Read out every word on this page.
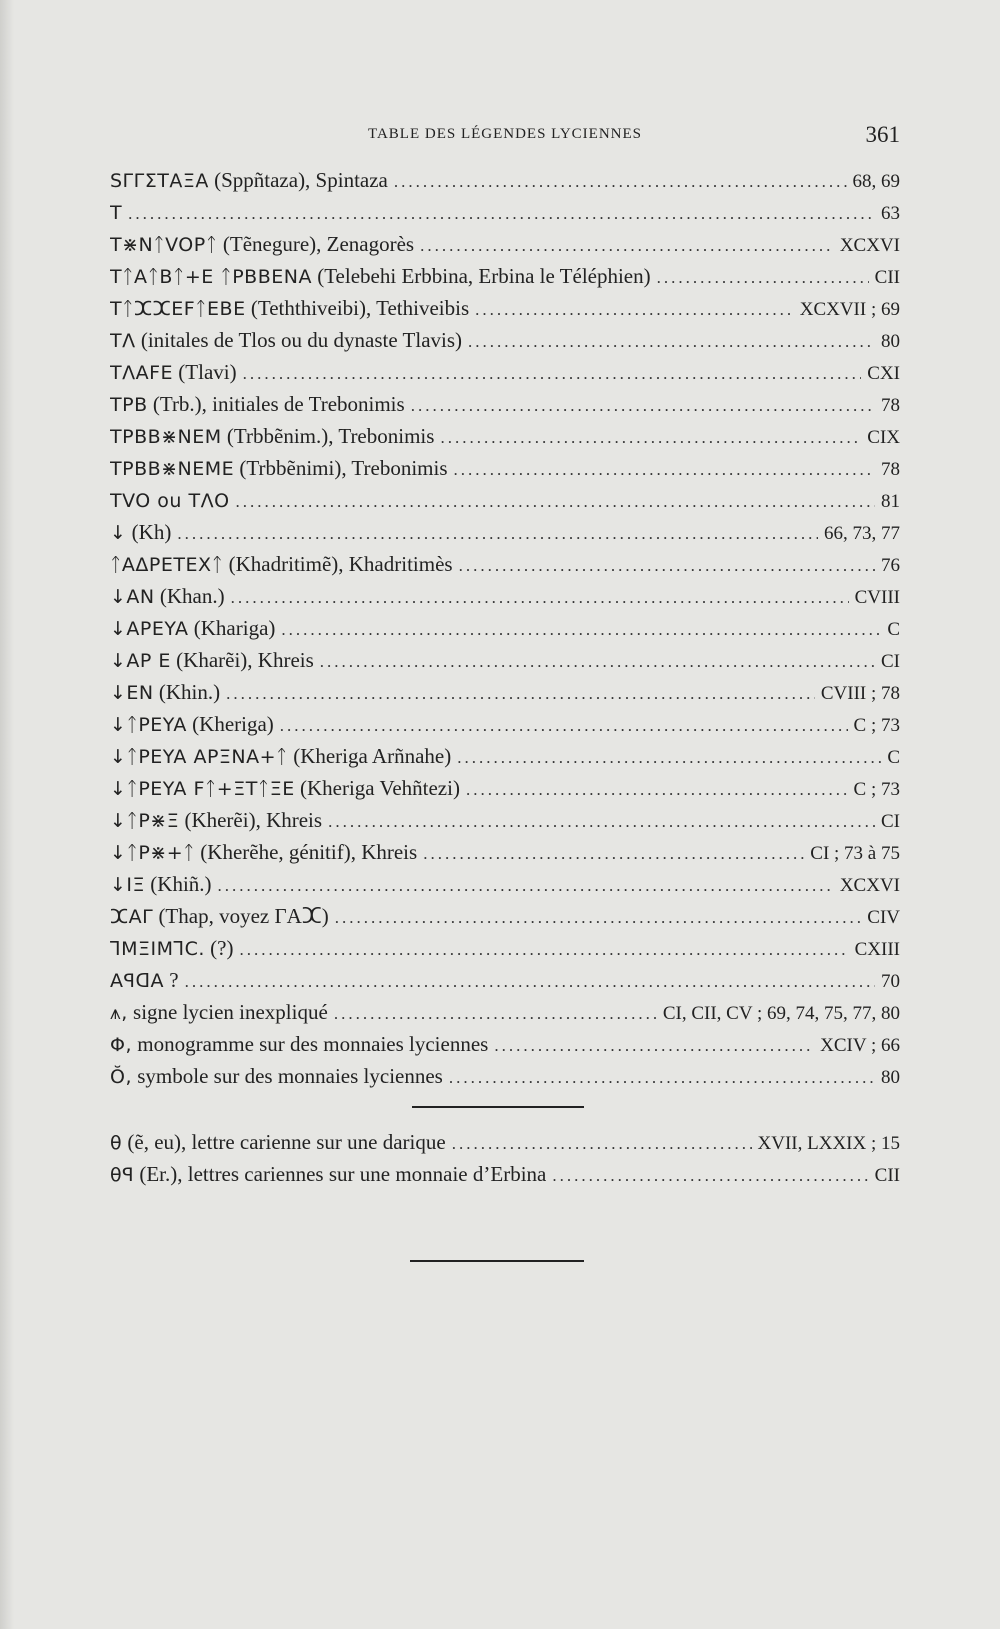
TABLE DES LÉGENDES LYCIENNES	361
SΓΓΣΤΑΞΑ (Sppñtaza), Spintaza .....	68, 69
T .....	63
T⋇NᛏVOPᛏ (Tẽnegure), Zenagorès .....	XCXVI
TᛏAᛏBᛏ+E ᛏPBBENA (Telebehi Erbbina, Erbina le Téléphien) .....	CII
TᛏⵋⵋEFᛏEBE (Teththiveibi), Tethiveibis .....	XCXVII ; 69
TΛ (initales de Tlos ou du dynaste Tlavis) .....	80
TΛAFE (Tlavi) .....	CXI
TPB (Trb.), initiales de Trebonimis .....	78
TPBB⋇NEM (Trbbẽnim.), Trebonimis .....	CIX
TPBB⋇NEME (Trbbẽnimi), Trebonimis .....	78
TVO ou TΛO .....	81
↓ (Kh) .....	66, 73, 77
ᛏAΔPETEXᛏ (Khadritimẽ), Khadritimès .....	76
↓AN (Khan.) .....	CVIII
↓APEYA (Khariga) .....	C
↓AP E (Kharẽi), Khreis .....	CI
↓EN (Khin.) .....	CVIII ; 78
↓ᛏPEYA (Kheriga) .....	C ; 73
↓ᛏPEYA APΞNA+ᛏ (Kheriga Arñnahe) .....	C
↓ᛏPEYA Fᛏ+ΞTᛏΞE (Kheriga Vehñtezi) .....	C ; 73
↓ᛏP⋇Ξ (Kherẽi), Khreis .....	CI
↓ᛏP⋇+ᛏ (Kherẽhe, génitif), Khreis .....	CI ; 73 à 75
↓IΞ (Khiñ.) .....	XCXVI
ⵋAΓ (Thap, voyez ΓAⵋ) .....	CIV
ꓶMΞIMꓶC. (?) .....	CXIII
AꟼꓷA ? .....	70
⩚, signe lycien inexpliqué .....	CI, CII, CV ; 69, 74, 75, 77, 80
Φ, monogramme sur des monnaies lyciennes .....	XCIV ; 66
Ŏ, symbole sur des monnaies lyciennes .....	80
θ (ẽ, eu), lettre carienne sur une darique .....	XVII, LXXIX ; 15
θꟼ (Er.), lettres cariennes sur une monnaie d’Erbina .....	CII
